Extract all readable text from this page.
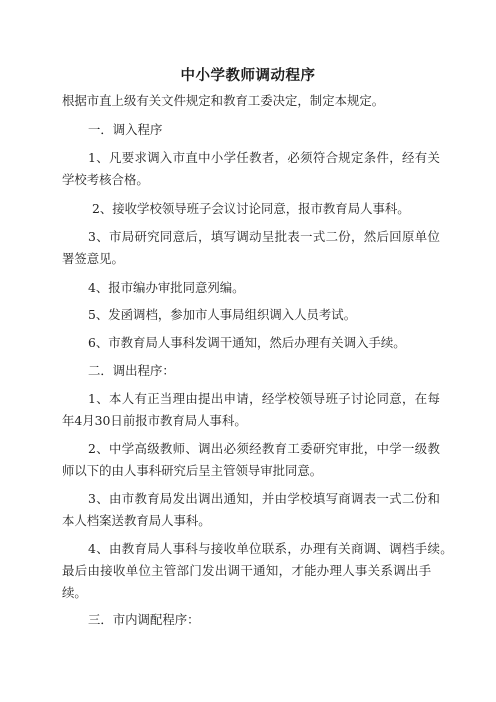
中小学教师调动程序
根据市直上级有关文件规定和教育工委决定，制定本规定。
一．调入程序
1、凡要求调入市直中小学任教者，必须符合规定条件，经有关
学校考核合格。
2、接收学校领导班子会议讨论同意，报市教育局人事科。
3、市局研究同意后，填写调动呈批表一式二份，然后回原单位
署签意见。
4、报市编办审批同意列编。
5、发函调档，参加市人事局组织调入人员考试。
6、市教育局人事科发调干通知，然后办理有关调入手续。
二．调出程序：
1、本人有正当理由提出申请，经学校领导班子讨论同意，在每
年4月30日前报市教育局人事科。
2、中学高级教师、调出必须经教育工委研究审批，中学一级教
师以下的由人事科研究后呈主管领导审批同意。
3、由市教育局发出调出通知，并由学校填写商调表一式二份和
本人档案送教育局人事科。
4、由教育局人事科与接收单位联系，办理有关商调、调档手续。
最后由接收单位主管部门发出调干通知，才能办理人事关系调出手
续。
三．市内调配程序：
